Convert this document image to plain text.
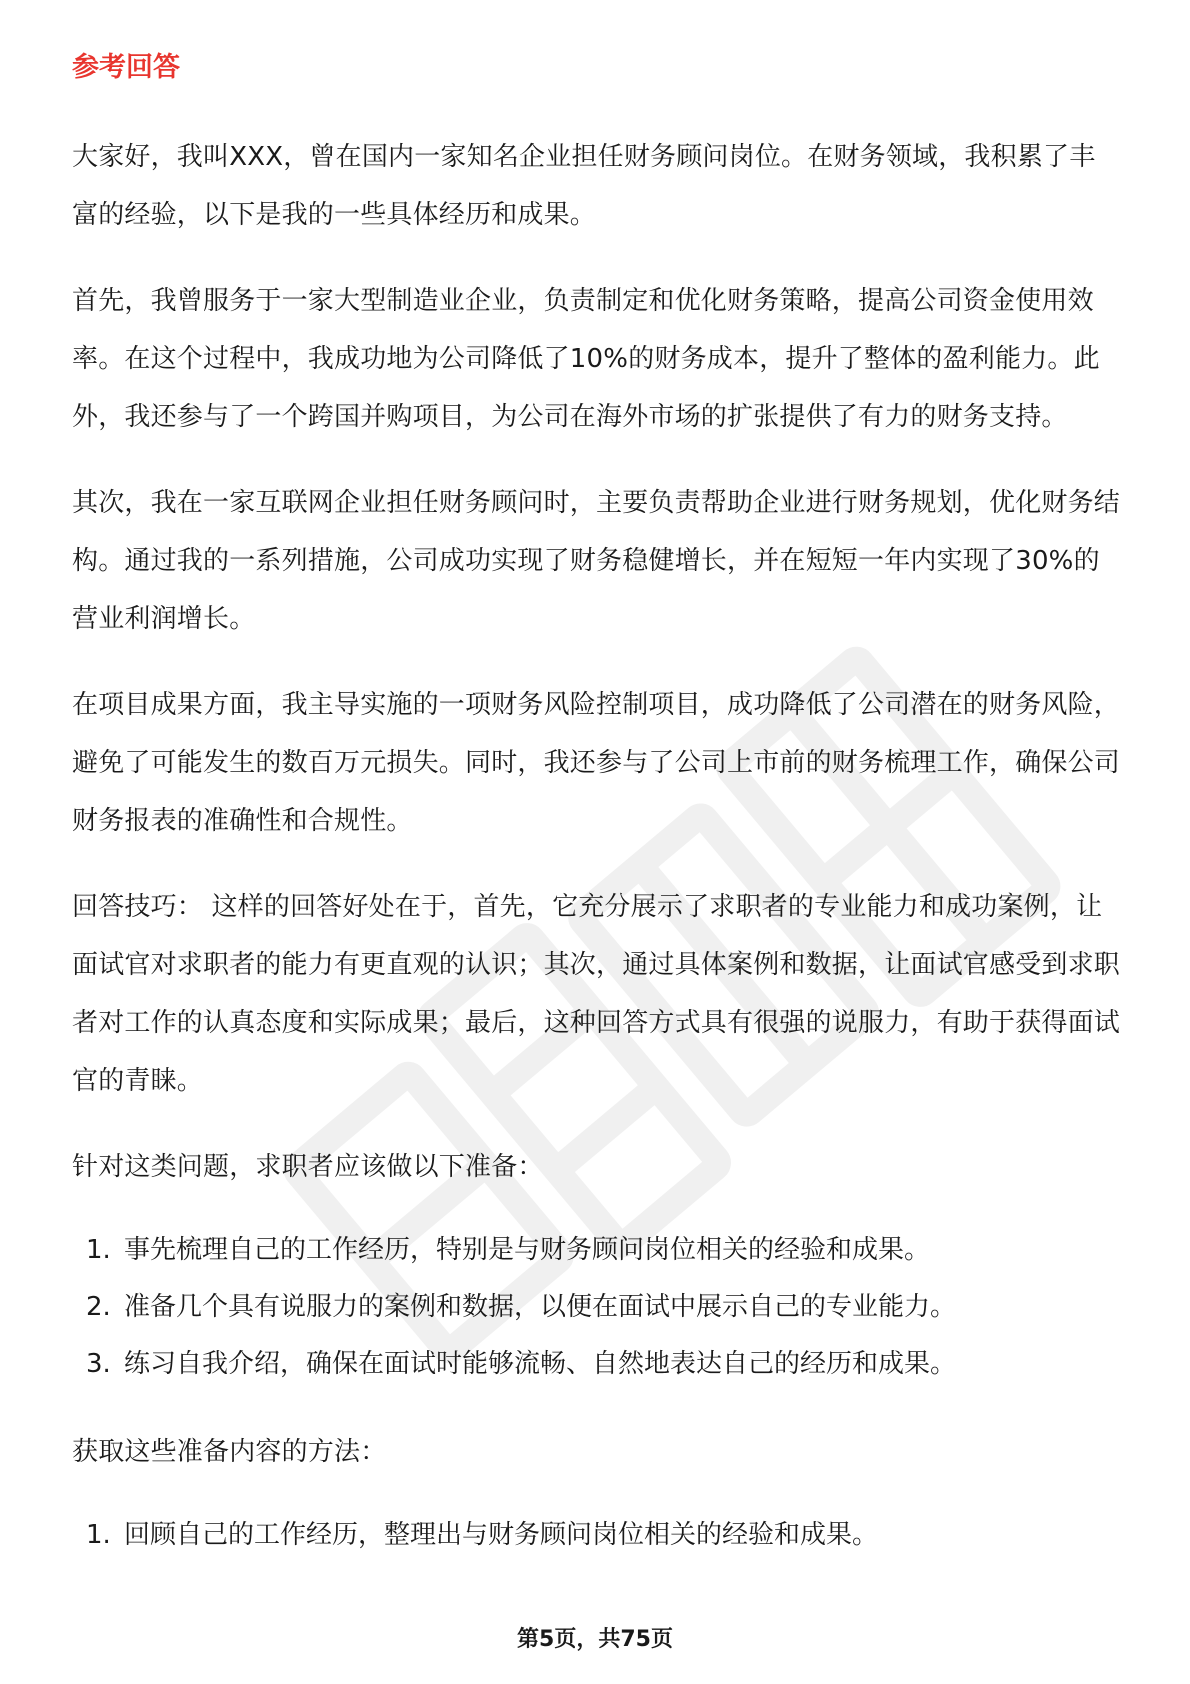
参考回答

大家好，我叫XXX，曾在国内一家知名企业担任财务顾问岗位。在财务领域，我积累了丰富的经验，以下是我的一些具体经历和成果。

首先，我曾服务于一家大型制造业企业，负责制定和优化财务策略，提高公司资金使用效率。在这个过程中，我成功地为公司降低了10%的财务成本，提升了整体的盈利能力。此外，我还参与了一个跨国并购项目，为公司在海外市场的扩张提供了有力的财务支持。

其次，我在一家互联网企业担任财务顾问时，主要负责帮助企业进行财务规划，优化财务结构。通过我的一系列措施，公司成功实现了财务稳健增长，并在短短一年内实现了30%的营业利润增长。

在项目成果方面，我主导实施的一项财务风险控制项目，成功降低了公司潜在的财务风险，避免了可能发生的数百万元损失。同时，我还参与了公司上市前的财务梳理工作，确保公司财务报表的准确性和合规性。

回答技巧： 这样的回答好处在于，首先，它充分展示了求职者的专业能力和成功案例，让面试官对求职者的能力有更直观的认识；其次，通过具体案例和数据，让面试官感受到求职者对工作的认真态度和实际成果；最后，这种回答方式具有很强的说服力，有助于获得面试官的青睐。

针对这类问题，求职者应该做以下准备：

1. 事先梳理自己的工作经历，特别是与财务顾问岗位相关的经验和成果。
2. 准备几个具有说服力的案例和数据，以便在面试中展示自己的专业能力。
3. 练习自我介绍，确保在面试时能够流畅、自然地表达自己的经历和成果。

获取这些准备内容的方法：

1. 回顾自己的工作经历，整理出与财务顾问岗位相关的经验和成果。
第5页，共75页
